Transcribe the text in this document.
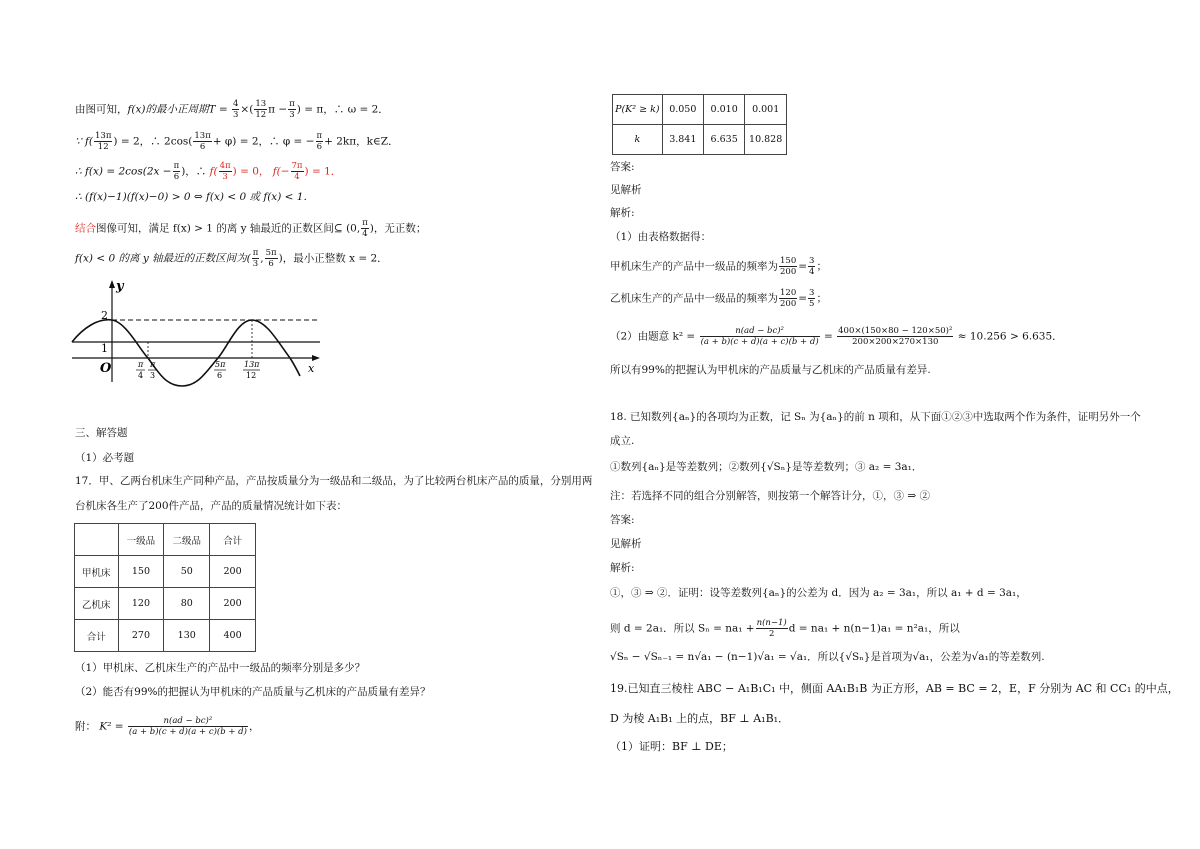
由图可知，f(x)的最小正周期$T = \frac{4}{3}$ ×( $\frac{13}{12}$ $\pi - \frac{\pi}{3}$ ) = π，∴ ω = 2．
∵ $f( \frac{13\pi}{12}$ ) = 2，∴ $2\cos( \frac{13\pi}{6} + \varphi) = 2$，∴ φ = − $\frac{\pi}{6} + 2k\pi$，k∈Z．
∴ $f(x) = 2\cos(2x - \frac{\pi}{6}$ )，∴ $f( \frac{4\pi}{3}$ ) = 0， $f(- \frac{7\pi}{4}$ ) = 1．
∴ (f(x)−1)(f(x)−0) > 0 ⇔ f(x) < 0 或 f(x) < 1．
结合图像可知，满足 f(x) > 1 的离 y 轴最近的正数区间⊆ (0, $\frac{\pi}{4}$ )，无正数；
f(x) < 0 的离 y 轴最近的正数区间为( $\frac{\pi}{3}$ , $\frac{5\pi}{6}$ )，最小正整数 x = 2．
y
x
O
2
1
π
4
π
3
5π
6
13π
12
三、解答题
（1）必考题
17．甲、乙两台机床生产同种产品，产品按质量分为一级品和二级品，为了比较两台机床产品的质量，分别用两
台机床各生产了200件产品，产品的质量情况统计如下表：
	一级品	二级品	合计
甲机床	150	50	200
乙机床	120	80	200
合计	270	130	400
（1）甲机床、乙机床生产的产品中一级品的频率分别是多少？
（2）能否有99%的把握认为甲机床的产品质量与乙机床的产品质量有差异？
附： $K^2 = \frac{\text{n(ad − bc)²}}{(a + b)(c + d)(a + c)(b + d)}$ ，
P(K² ≥ k)	0.050	0.010	0.001
k	3.841	6.635	10.828
答案:
见解析
解析:
（1）由表格数据得：
甲机床生产的产品中一级品的频率为 $\frac{150}{200} = \frac{3}{4}$ ；
乙机床生产的产品中一级品的频率为 $\frac{120}{200} = \frac{3}{5}$ ；
（2）由题意 $k^2 = \frac{\text{n(ad − bc)²}}{(a + b)(c + d)(a + c)(b + d)} = \frac{\text{400×(150×80 − 120×50)²}}{200\times 200\times 270\times 130} \approx 10.256 > 6.635$．
所以有99%的把握认为甲机床的产品质量与乙机床的产品质量有差异.
18. 已知数列{aₙ}的各项均为正数，记 Sₙ 为{aₙ}的前 n 项和，从下面①②③中选取两个作为条件，证明另外一个
成立.
①数列{aₙ}是等差数列；②数列{√Sₙ}是等差数列；③ a₂ = 3a₁．
注：若选择不同的组合分别解答，则按第一个解答计分，①，③ ⇒ ②
答案:
见解析
解析:
①，③ ⇒ ②．证明：设等差数列{aₙ}的公差为 d．因为 a₂ = 3a₁，所以 a₁ + d = 3a₁，
则 d = 2a₁．所以 $S_n = na_1 + \frac{n(n-1)}{2}$ d = na₁ + n(n−1)a₁ = n²a₁，所以
√Sₙ − √Sₙ₋₁ = n√a₁ − (n−1)√a₁ = √a₁．所以{√Sₙ}是首项为√a₁，公差为√a₁的等差数列.
19.已知直三棱柱 ABC − A₁B₁C₁ 中，侧面 AA₁B₁B 为正方形，AB = BC = 2，E，F 分别为 AC 和 CC₁ 的中点，
D 为棱 A₁B₁ 上的点，BF ⊥ A₁B₁．
（1）证明：BF ⊥ DE；
